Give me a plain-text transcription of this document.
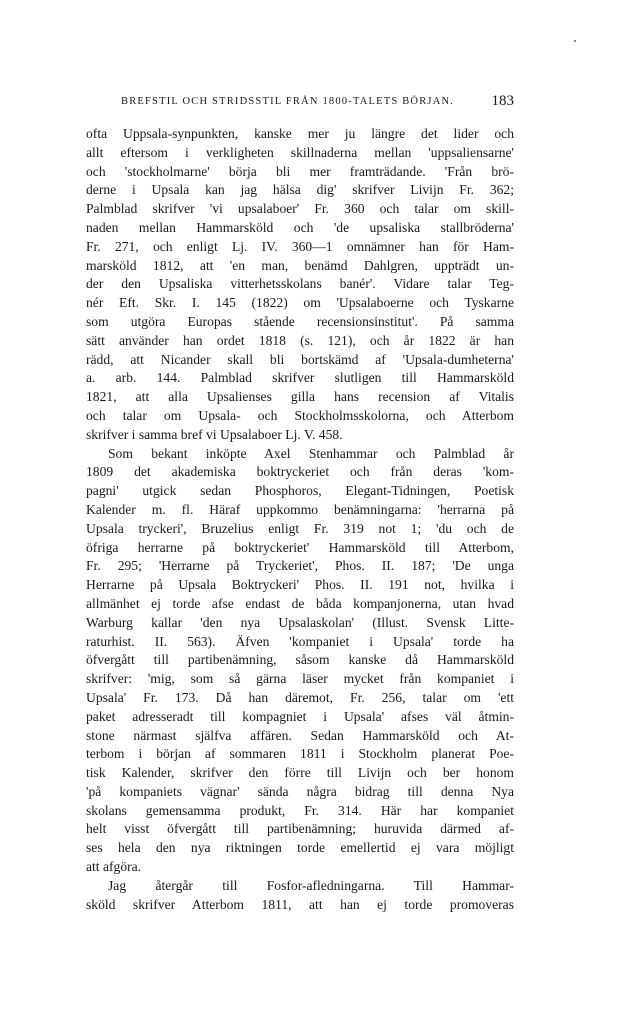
BREFSTIL OCH STRIDSSTIL FRÅN 1800-TALETS BÖRJAN. 183
ofta Uppsala-synpunkten, kanske mer ju längre det lider och
allt eftersom i verkligheten skillnaderna mellan 'uppsaliensarne'
och 'stockholmarne' börja bli mer framträdande. 'Från brö-
derne i Upsala kan jag hälsa dig' skrifver Livijn Fr. 362;
Palmblad skrifver 'vi upsalaboer' Fr. 360 och talar om skill-
naden mellan Hammarsköld och 'de upsaliska stallbröderna'
Fr. 271, och enligt Lj. IV. 360—1 omnämner han för Ham-
marsköld 1812, att 'en man, benämd Dahlgren, uppträdt un-
der den Upsaliska vitterhetsskolans banér'. Vidare talar Teg-
nér Eft. Skr. I. 145 (1822) om 'Upsalaboerne och Tyskarne
som utgöra Europas stående recensionsinstitut'. På samma
sätt använder han ordet 1818 (s. 121), och år 1822 är han
rädd, att Nicander skall bli bortskämd af 'Upsala-dumheterna'
a. arb. 144. Palmblad skrifver slutligen till Hammarsköld
1821, att alla Upsalienses gilla hans recension af Vitalis
och talar om Upsala- och Stockholmsskolorna, och Atterbom
skrifver i samma bref vi Upsalaboer Lj. V. 458.
Som bekant inköpte Axel Stenhammar och Palmblad år
1809 det akademiska boktryckeriet och från deras 'kom-
pagni' utgick sedan Phosphoros, Elegant-Tidningen, Poetisk
Kalender m. fl. Häraf uppkommo benämningarna: 'herrarna på
Upsala tryckeri', Bruzelius enligt Fr. 319 not 1; 'du och de
öfriga herrarne på boktryckeriet' Hammarsköld till Atterbom,
Fr. 295; 'Herrarne på Tryckeriet', Phos. II. 187; 'De unga
Herrarne på Upsala Boktryckeri' Phos. II. 191 not, hvilka i
allmänhet ej torde afse endast de båda kompanjonerna, utan hvad
Warburg kallar 'den nya Upsalaskolan' (Illust. Svensk Litte-
raturhist. II. 563). Äfven 'kompaniet i Upsala' torde ha
öfvergått till partibenämning, såsom kanske då Hammarsköld
skrifver: 'mig, som så gärna läser mycket från kompaniet i
Upsala' Fr. 173. Då han däremot, Fr. 256, talar om 'ett
paket adresseradt till kompagniet i Upsala' afses väl åtmin-
stone närmast själfva affären. Sedan Hammarsköld och At-
terbom i början af sommaren 1811 i Stockholm planerat Poe-
tisk Kalender, skrifver den förre till Livijn och ber honom
'på kompaniets vägnar' sända några bidrag till denna Nya
skolans gemensamma produkt, Fr. 314. Här har kompaniet
helt visst öfvergått till partibenämning; huruvida därmed af-
ses hela den nya riktningen torde emellertid ej vara möjligt
att afgöra.
Jag återgår till Fosfor-afledningarna. Till Hammar-
sköld skrifver Atterbom 1811, att han ej torde promoveras
